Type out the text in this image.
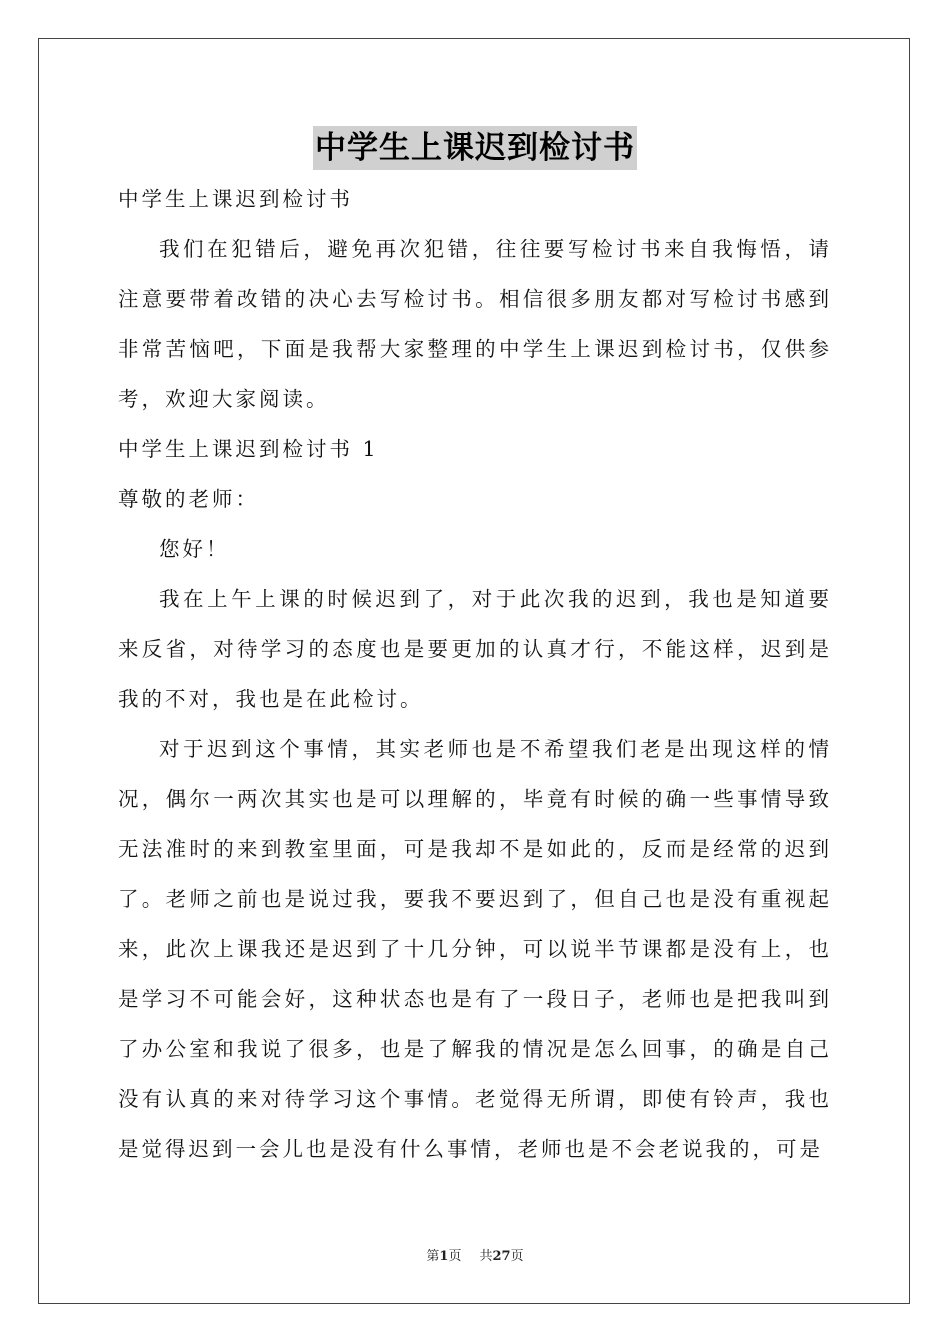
中学生上课迟到检讨书
中学生上课迟到检讨书

我们在犯错后，避免再次犯错，往往要写检讨书来自我悔悟，请注意要带着改错的决心去写检讨书。相信很多朋友都对写检讨书感到非常苦恼吧，下面是我帮大家整理的中学生上课迟到检讨书，仅供参考，欢迎大家阅读。

中学生上课迟到检讨书 1
尊敬的老师：

您好！

我在上午上课的时候迟到了，对于此次我的迟到，我也是知道要来反省，对待学习的态度也是要更加的认真才行，不能这样，迟到是我的不对，我也是在此检讨。

对于迟到这个事情，其实老师也是不希望我们老是出现这样的情况，偶尔一两次其实也是可以理解的，毕竟有时候的确一些事情导致无法准时的来到教室里面，可是我却不是如此的，反而是经常的迟到了。老师之前也是说过我，要我不要迟到了，但自己也是没有重视起来，此次上课我还是迟到了十几分钟，可以说半节课都是没有上，也是学习不可能会好，这种状态也是有了一段日子，老师也是把我叫到了办公室和我说了很多，也是了解我的情况是怎么回事，的确是自己没有认真的来对待学习这个事情。老觉得无所谓，即使有铃声，我也是觉得迟到一会儿也是没有什么事情，老师也是不会老说我的，可是

第1页 共27页
